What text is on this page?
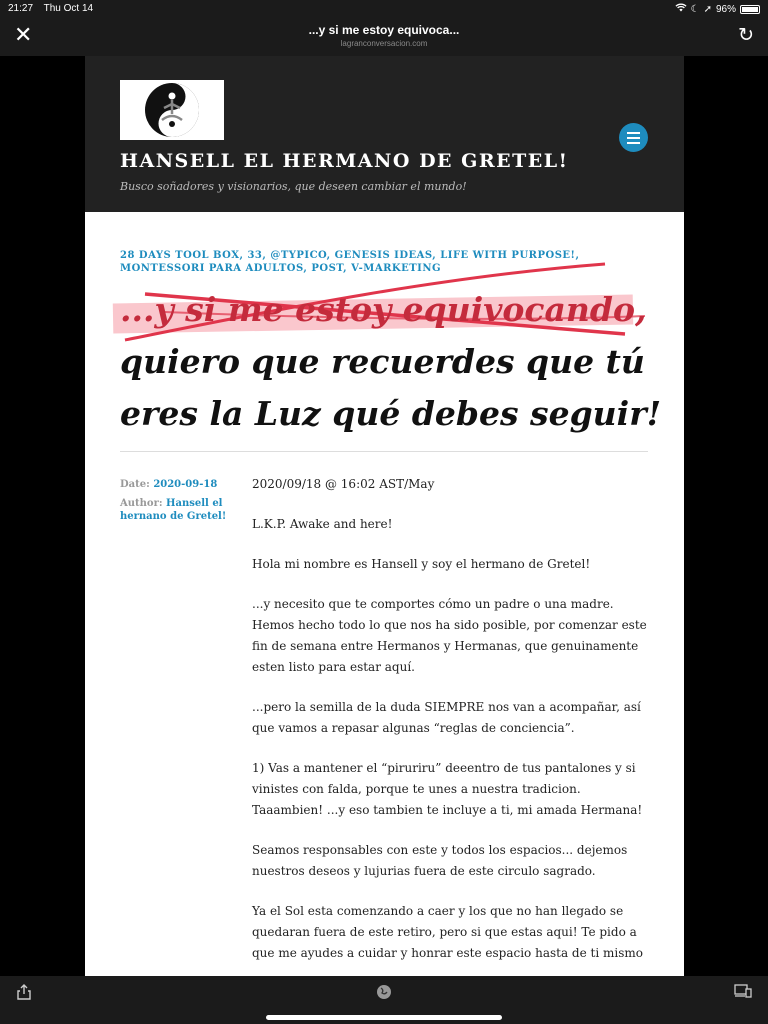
21:27 Thu Oct 14	☾ ➚ 96%
✕	...y si me estoy equivoca...
lagranconversacion.com	↻
HANSELL EL HERMANO DE GRETEL!
Busco soñadores y visionarios, que deseen cambiar el mundo!
28 DAYS TOOL BOX, 33, @TYPICO, GENESIS IDEAS, LIFE WITH PURPOSE!, MONTESSORI PARA ADULTOS, POST, V-MARKETING
...y si me estoy equivocando,
quiero que recuerdes que tú
eres la Luz qué debes seguir!
Date: 2020-09-18
Author: Hansell el hernano de Gretel!

2020/09/18 @ 16:02 AST/May

L.K.P. Awake and here!

Hola mi nombre es Hansell y soy el hermano de Gretel!

...y necesito que te comportes cómo un padre o una madre. Hemos hecho todo lo que nos ha sido posible, por comenzar este fin de semana entre Hermanos y Hermanas, que genuinamente esten listo para estar aquí.

...pero la semilla de la duda SIEMPRE nos van a acompañar, así que vamos a repasar algunas “reglas de conciencia”.

1) Vas a mantener el “piruriru” deeentro de tus pantalones y si vinistes con falda, porque te unes a nuestra tradicion. Taaambien! ...y eso tambien te incluye a ti, mi amada Hermana!

Seamos responsables con este y todos los espacios... dejemos nuestros deseos y lujurias fuera de este circulo sagrado.

Ya el Sol esta comenzando a caer y los que no han llegado se quedaran fuera de este retiro, pero si que estas aqui! Te pido a que me ayudes a cuidar y honrar este espacio hasta de ti mismo
